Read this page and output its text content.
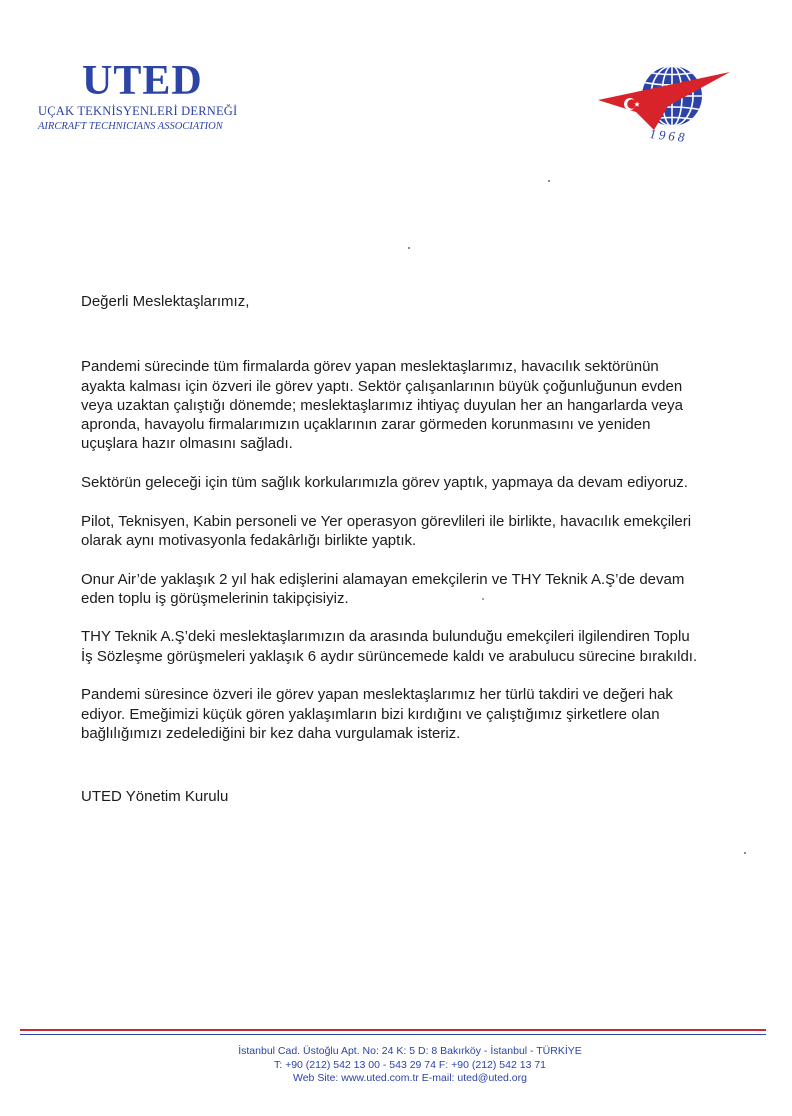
UTED
UÇAK TEKNİSYENLERİ DERNEĞİ
AIRCRAFT TECHNICIANS ASSOCIATION	1968

Değerli Meslektaşlarımız,

Pandemi sürecinde tüm firmalarda görev yapan meslektaşlarımız, havacılık sektörünün
ayakta kalması için özveri ile görev yaptı. Sektör çalışanlarının büyük çoğunluğunun evden
veya uzaktan çalıştığı dönemde; meslektaşlarımız ihtiyaç duyulan her an hangarlarda veya
apronda, havayolu firmalarımızın uçaklarının zarar görmeden korunmasını ve yeniden
uçuşlara hazır olmasını sağladı.

Sektörün geleceği için tüm sağlık korkularımızla görev yaptık, yapmaya da devam ediyoruz.

Pilot, Teknisyen, Kabin personeli ve Yer operasyon görevlileri ile birlikte, havacılık emekçileri
olarak aynı motivasyonla fedakârlığı birlikte yaptık.

Onur Air’de yaklaşık 2 yıl hak edişlerini alamayan emekçilerin ve THY Teknik A.Ş’de devam
eden toplu iş görüşmelerinin takipçisiyiz.

THY Teknik A.Ş’deki meslektaşlarımızın da arasında bulunduğu emekçileri ilgilendiren Toplu
İş Sözleşme görüşmeleri yaklaşık 6 aydır sürüncemede kaldı ve arabulucu sürecine bırakıldı.

Pandemi süresince özveri ile görev yapan meslektaşlarımız her türlü takdiri ve değeri hak
ediyor. Emeğimizi küçük gören yaklaşımların bizi kırdığını ve çalıştığımız şirketlere olan
bağlılığımızı zedelediğini bir kez daha vurgulamak isteriz.

UTED Yönetim Kurulu

İstanbul Cad. Üstoğlu Apt. No: 24 K: 5 D: 8 Bakırköy - İstanbul - TÜRKİYE
T: +90 (212) 542 13 00 - 543 29 74 F: +90 (212) 542 13 71
Web Site: www.uted.com.tr E-mail: uted@uted.org
